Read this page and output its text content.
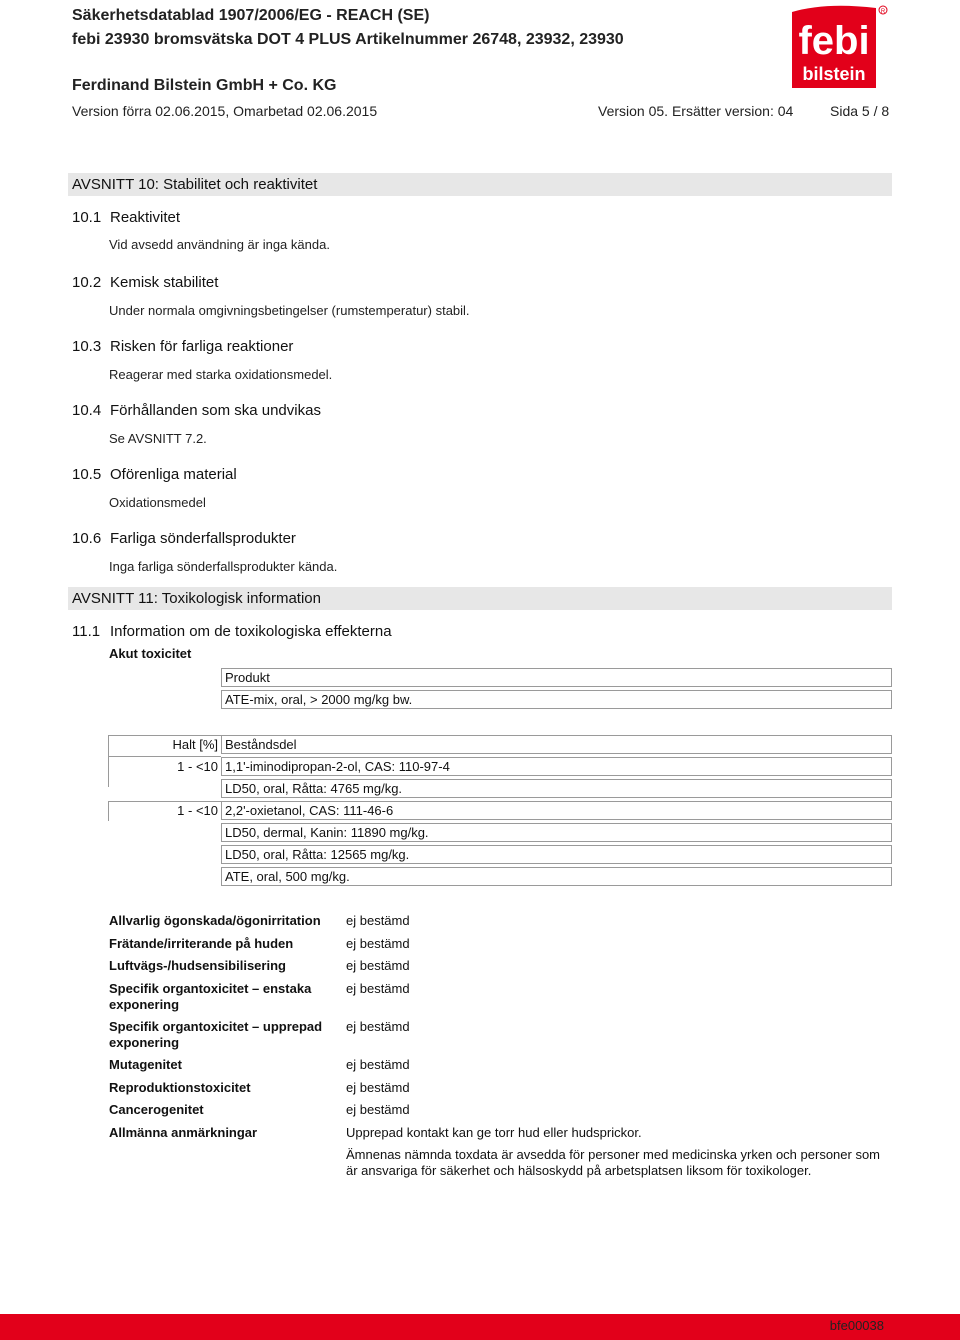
Säkerhetsdatablad 1907/2006/EG - REACH (SE)
febi 23930 bromsvätska DOT 4 PLUS Artikelnummer 26748, 23932, 23930
Ferdinand Bilstein GmbH + Co. KG
Version förra 02.06.2015, Omarbetad 02.06.2015	Version 05. Ersätter version: 04	Sida 5 / 8
febi
bilstein
R
AVSNITT 10: Stabilitet och reaktivitet
10.1 Reaktivitet
Vid avsedd användning är inga kända.
10.2 Kemisk stabilitet
Under normala omgivningsbetingelser (rumstemperatur) stabil.
10.3 Risken för farliga reaktioner
Reagerar med starka oxidationsmedel.
10.4 Förhållanden som ska undvikas
Se AVSNITT 7.2.
10.5 Oförenliga material
Oxidationsmedel
10.6 Farliga sönderfallsprodukter
Inga farliga sönderfallsprodukter kända.
AVSNITT 11: Toxikologisk information
11.1 Information om de toxikologiska effekterna
Akut toxicitet
Produkt
ATE-mix, oral, > 2000 mg/kg bw.
Halt [%] Beståndsdel
1 - <10 1,1'-iminodipropan-2-ol, CAS: 110-97-4
LD50, oral, Råtta: 4765 mg/kg.
1 - <10 2,2'-oxietanol, CAS: 111-46-6
LD50, dermal, Kanin: 11890 mg/kg.
LD50, oral, Råtta: 12565 mg/kg.
ATE, oral, 500 mg/kg.
Allvarlig ögonskada/ögonirritation	ej bestämd
Frätande/irriterande på huden	ej bestämd
Luftvägs-/hudsensibilisering	ej bestämd
Specifik organtoxicitet – enstaka exponering
ej bestämd
Specifik organtoxicitet – upprepad exponering
ej bestämd
Mutagenitet	ej bestämd
Reproduktionstoxicitet	ej bestämd
Cancerogenitet	ej bestämd
Allmänna anmärkningar	Upprepad kontakt kan ge torr hud eller hudsprickor.
Ämnenas nämnda toxdata är avsedda för personer med medicinska yrken och personer som är ansvariga för säkerhet och hälsoskydd på arbetsplatsen liksom för toxikologer.
bfe00038
